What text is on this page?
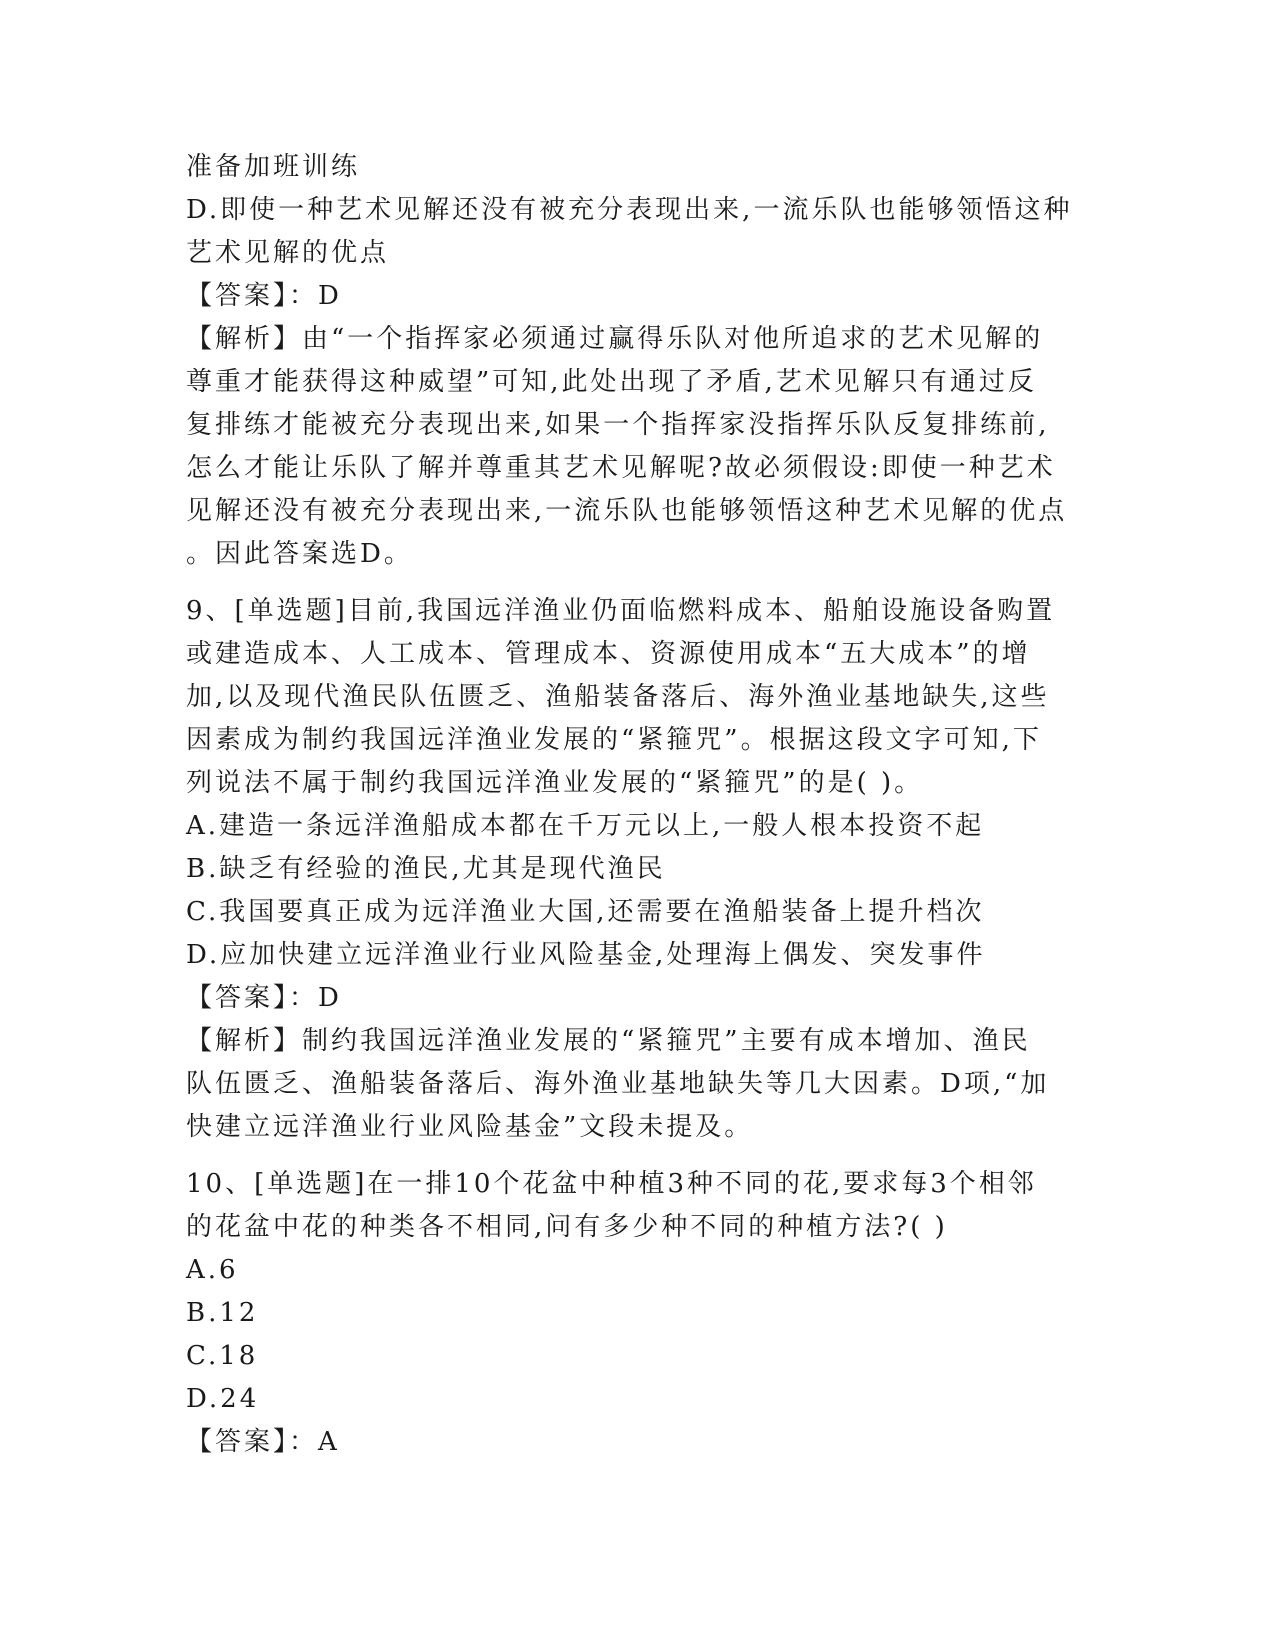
准备加班训练
D.即使一种艺术见解还没有被充分表现出来,一流乐队也能够领悟这种
艺术见解的优点
【答案】：D
【解析】由“一个指挥家必须通过赢得乐队对他所追求的艺术见解的
尊重才能获得这种威望”可知,此处出现了矛盾,艺术见解只有通过反
复排练才能被充分表现出来,如果一个指挥家没指挥乐队反复排练前,
怎么才能让乐队了解并尊重其艺术见解呢?故必须假设:即使一种艺术
见解还没有被充分表现出来,一流乐队也能够领悟这种艺术见解的优点
。因此答案选D。
9、[单选题]目前,我国远洋渔业仍面临燃料成本、船舶设施设备购置
或建造成本、人工成本、管理成本、资源使用成本“五大成本”的增
加,以及现代渔民队伍匮乏、渔船装备落后、海外渔业基地缺失,这些
因素成为制约我国远洋渔业发展的“紧箍咒”。根据这段文字可知,下
列说法不属于制约我国远洋渔业发展的“紧箍咒”的是( )。
A.建造一条远洋渔船成本都在千万元以上,一般人根本投资不起
B.缺乏有经验的渔民,尤其是现代渔民
C.我国要真正成为远洋渔业大国,还需要在渔船装备上提升档次
D.应加快建立远洋渔业行业风险基金,处理海上偶发、突发事件
【答案】：D
【解析】制约我国远洋渔业发展的“紧箍咒”主要有成本增加、渔民
队伍匮乏、渔船装备落后、海外渔业基地缺失等几大因素。D项,“加
快建立远洋渔业行业风险基金”文段未提及。
10、[单选题]在一排10个花盆中种植3种不同的花,要求每3个相邻
的花盆中花的种类各不相同,问有多少种不同的种植方法?( )
A.6
B.12
C.18
D.24
【答案】：A
